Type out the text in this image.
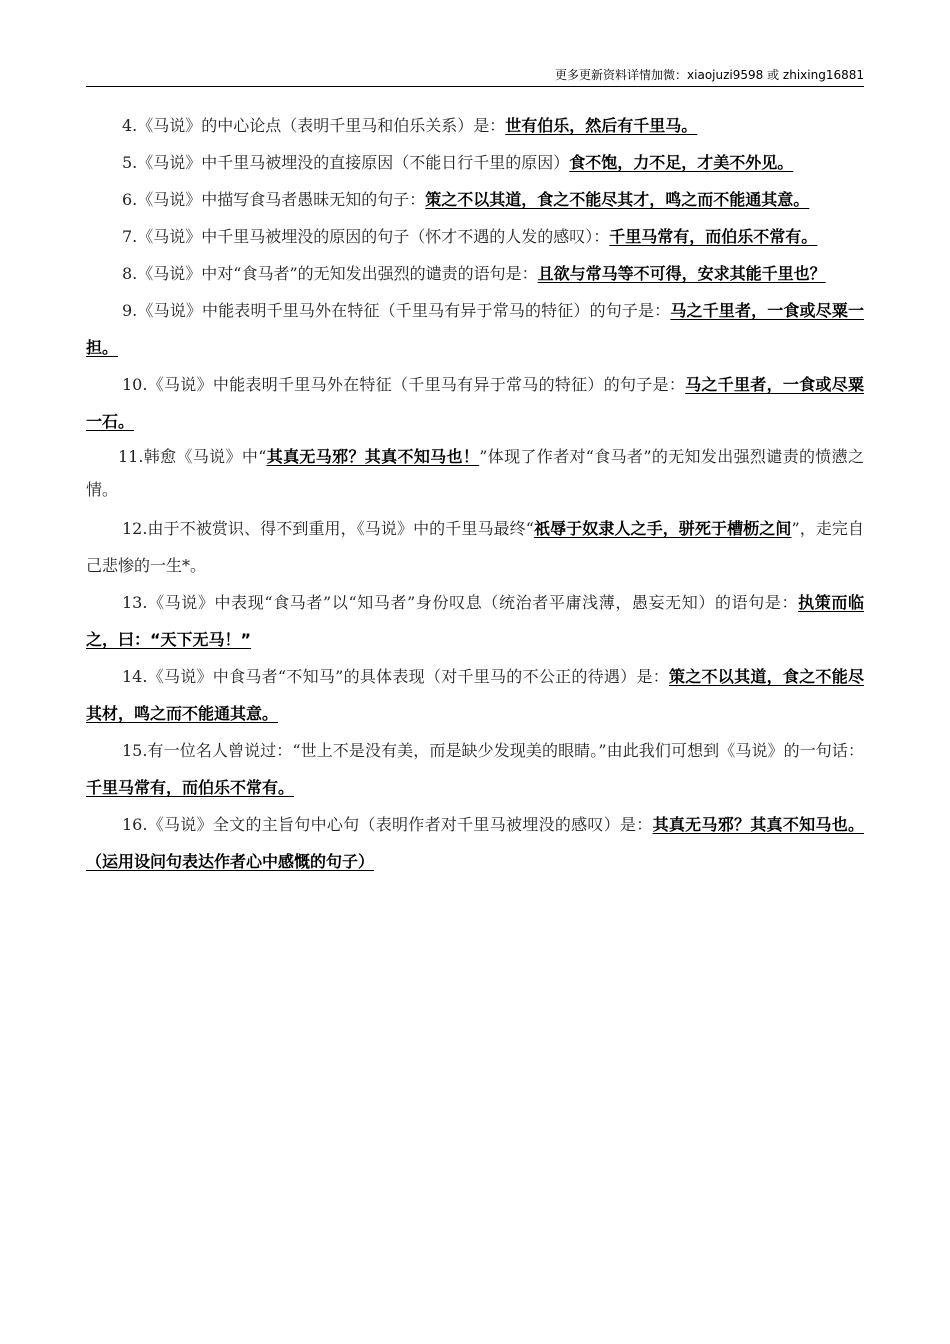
更多更新资料详情加微：xiaojuzi9598 或 zhixing16881

4.《马说》的中心论点（表明千里马和伯乐关系）是：世有伯乐，然后有千里马。

5.《马说》中千里马被埋没的直接原因（不能日行千里的原因）食不饱，力不足，才美不外见。

6.《马说》中描写食马者愚昧无知的句子：策之不以其道，食之不能尽其才，鸣之而不能通其意。

7.《马说》中千里马被埋没的原因的句子（怀才不遇的人发的感叹）：千里马常有，而伯乐不常有。

8.《马说》中对“食马者”的无知发出强烈的谴责的语句是：且欲与常马等不可得，安求其能千里也？

9.《马说》中能表明千里马外在特征（千里马有异于常马的特征）的句子是：马之千里者，一食或尽粟一担。

10.《马说》中能表明千里马外在特征（千里马有异于常马的特征）的句子是：马之千里者，一食或尽粟一石。

11.韩愈《马说》中“其真无马邪？其真不知马也！”体现了作者对“食马者”的无知发出强烈谴责的愤懑之情。

12.由于不被赏识、得不到重用，《马说》中的千里马最终“祇辱于奴隶人之手，骈死于槽枥之间”，走完自己悲惨的一生*。

13.《马说》中表现“食马者”以“知马者”身份叹息（统治者平庸浅薄，愚妄无知）的语句是：执策而临之，曰：“天下无马！”

14.《马说》中食马者“不知马”的具体表现（对千里马的不公正的待遇）是：策之不以其道，食之不能尽其材，鸣之而不能通其意。

15.有一位名人曾说过：“世上不是没有美，而是缺少发现美的眼睛。”由此我们可想到《马说》的一句话：千里马常有，而伯乐不常有。

16.《马说》全文的主旨句中心句（表明作者对千里马被埋没的感叹）是：其真无马邪？其真不知马也。（运用设问句表达作者心中感慨的句子）
